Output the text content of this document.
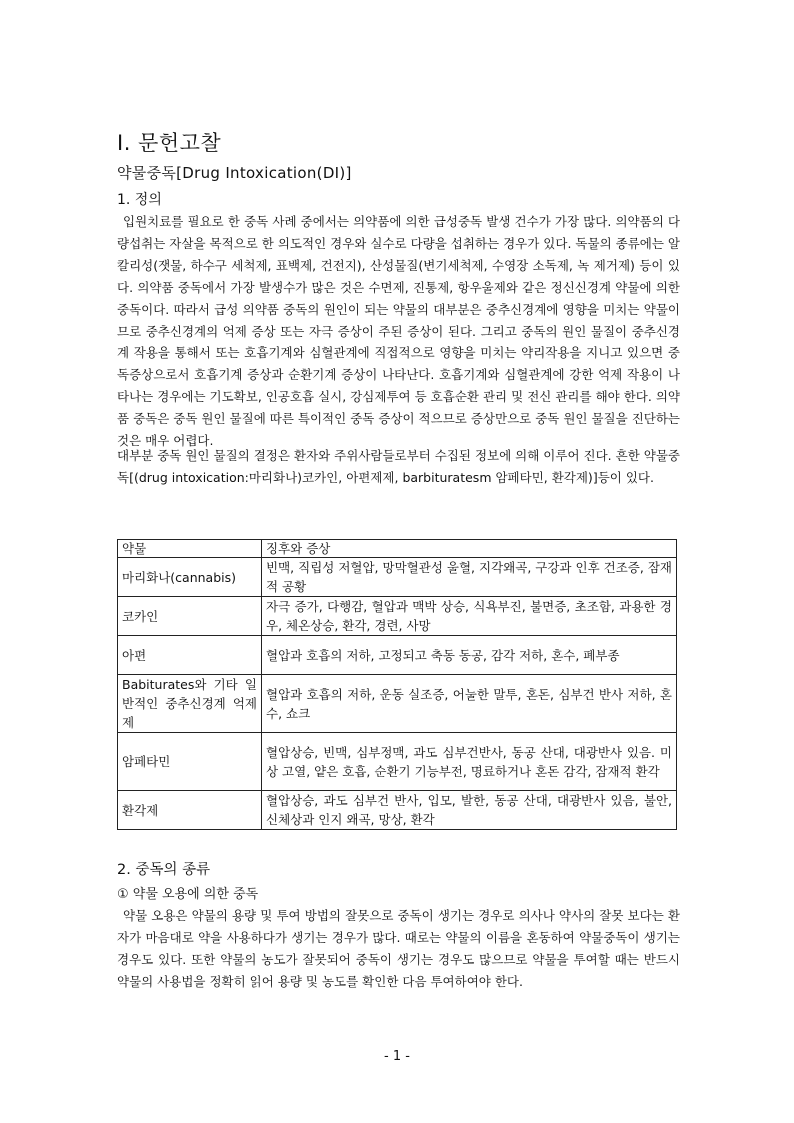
Ⅰ. 문헌고찰
약물중독[Drug Intoxication(DI)]
1. 정의

입원치료를 필요로 한 중독 사례 중에서는 의약품에 의한 급성중독 발생 건수가 가장 많다. 의약품의 다량섭취는 자살을 목적으로 한 의도적인 경우와 실수로 다량을 섭취하는 경우가 있다. 독물의 종류에는 알칼리성(잿물, 하수구 세척제, 표백제, 건전지), 산성물질(변기세척제, 수영장 소독제, 녹 제거제) 등이 있다. 의약품 중독에서 가장 발생수가 많은 것은 수면제, 진통제, 항우울제와 같은 정신신경계 약물에 의한 중독이다. 따라서 급성 의약품 중독의 원인이 되는 약물의 대부분은 중추신경계에 영향을 미치는 약물이므로 중추신경계의 억제 증상 또는 자극 증상이 주된 증상이 된다. 그리고 중독의 원인 물질이 중추신경계 작용을 통해서 또는 호흡기계와 심혈관계에 직접적으로 영향을 미치는 약리작용을 지니고 있으면 중독증상으로서 호흡기계 증상과 순환기계 증상이 나타난다. 호흡기계와 심혈관계에 강한 억제 작용이 나타나는 경우에는 기도확보, 인공호흡 실시, 강심제투여 등 호흡순환 관리 및 전신 관리를 해야 한다. 의약품 중독은 중독 원인 물질에 따른 특이적인 중독 증상이 적으므로 증상만으로 중독 원인 물질을 진단하는 것은 매우 어렵다.

대부분 중독 원인 물질의 결정은 환자와 주위사람들로부터 수집된 정보에 의해 이루어 진다. 흔한 약물중독[(drug intoxication:마리화나)코카인, 아편제제, barbituratesm 암페타민, 환각제)]등이 있다.

약물	징후와 증상
마리화나(cannabis)	빈맥, 직립성 저혈압, 망막혈관성 울혈, 지각왜곡, 구강과 인후 건조증, 잠재적 공황
코카인	자극 증가, 다행감, 혈압과 맥박 상승, 식욕부진, 불면증, 초조함, 과용한 경우, 체온상승, 환각, 경련, 사망
아편	혈압과 호흡의 저하, 고정되고 축동 동공, 감각 저하, 혼수, 폐부종
Babiturates와 기타 일반적인 중추신경계 억제제	혈압과 호흡의 저하, 운동 실조증, 어눌한 말투, 혼돈, 심부건 반사 저하, 혼수, 쇼크
암페타민	혈압상승, 빈맥, 심부정맥, 과도 심부건반사, 동공 산대, 대광반사 있음. 미상 고열, 얕은 호흡, 순환기 기능부전, 명료하거나 혼돈 감각, 잠재적 환각
환각제	혈압상승, 과도 심부건 반사, 입모, 발한, 동공 산대, 대광반사 있음, 불안, 신체상과 인지 왜곡, 망상, 환각
2. 중독의 종류
① 약물 오용에 의한 중독

약물 오용은 약물의 용량 및 투여 방법의 잘못으로 중독이 생기는 경우로 의사나 약사의 잘못 보다는 환자가 마음대로 약을 사용하다가 생기는 경우가 많다. 때로는 약물의 이름을 혼동하여 약물중독이 생기는 경우도 있다. 또한 약물의 농도가 잘못되어 중독이 생기는 경우도 많으므로 약물을 투여할 때는 반드시 약물의 사용법을 정확히 읽어 용량 및 농도를 확인한 다음 투여하여야 한다.

- 1 -
